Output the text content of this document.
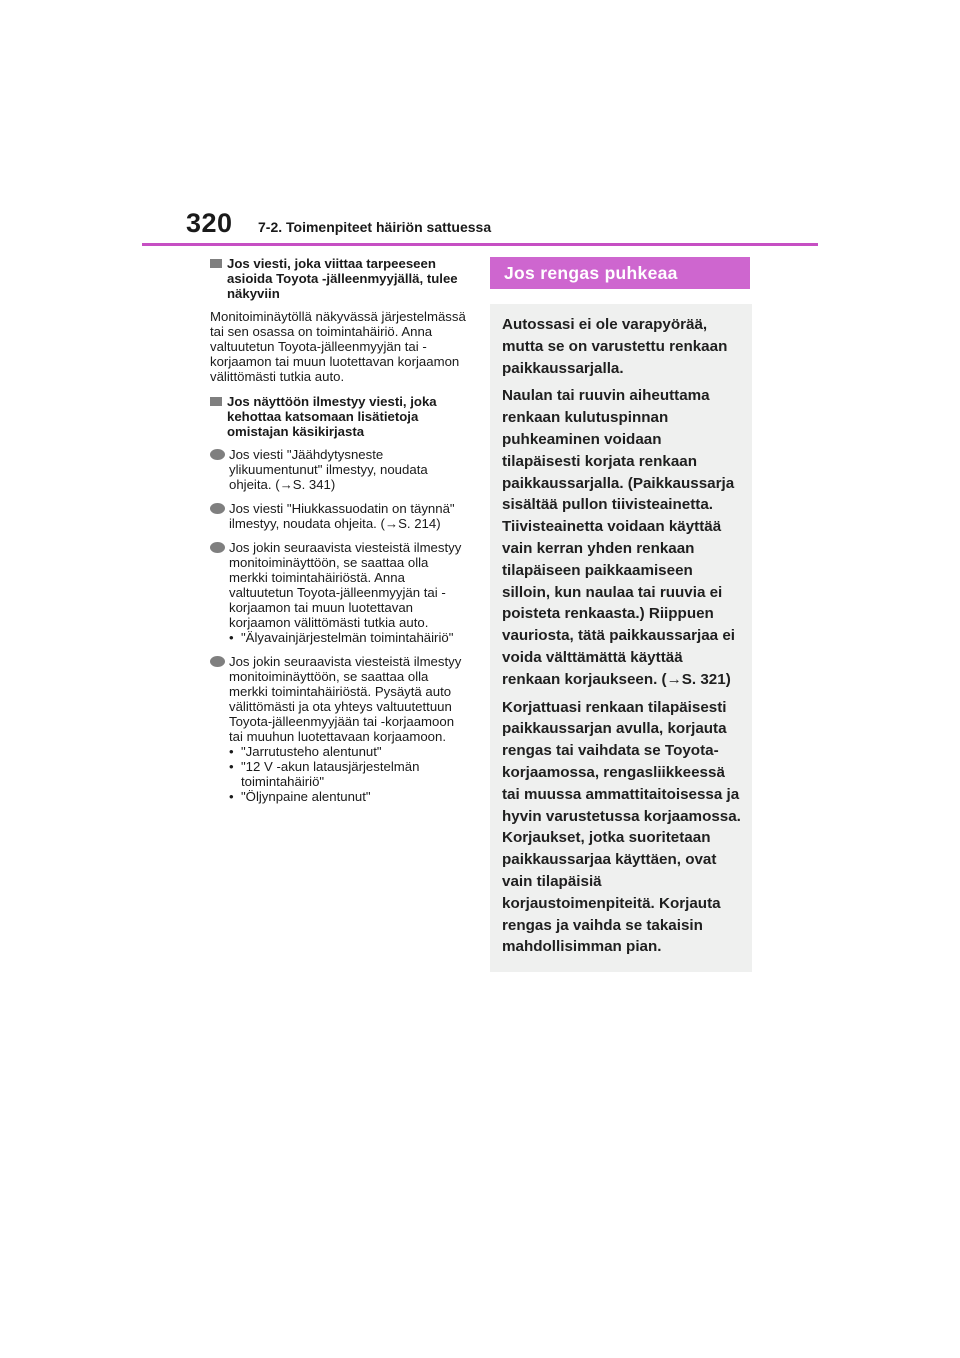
320 7-2. Toimenpiteet häiriön sattuessa
Jos viesti, joka viittaa tarpeeseen asioida Toyota -jälleenmyyjällä, tulee näkyviin
Monitoiminäytöllä näkyvässä järjestelmässä tai sen osassa on toimintahäiriö. Anna valtuutetun Toyota-jälleenmyyjän tai -korjaamon tai muun luotettavan korjaamon välittömästi tutkia auto.
Jos näyttöön ilmestyy viesti, joka kehottaa katsomaan lisätietoja omistajan käsikirjasta
Jos viesti "Jäähdytysneste ylikuumentunut" ilmestyy, noudata ohjeita. (→S. 341)
Jos viesti "Hiukkassuodatin on täynnä" ilmestyy, noudata ohjeita. (→S. 214)
Jos jokin seuraavista viesteistä ilmestyy monitoiminäyttöön, se saattaa olla merkki toimintahäiriöstä. Anna valtuutetun Toyota-jälleenmyyjän tai -korjaamon tai muun luotettavan korjaamon välittömästi tutkia auto.
• "Älyavainjärjestelmän toimintahäiriö"
Jos jokin seuraavista viesteistä ilmestyy monitoiminäyttöön, se saattaa olla merkki toimintahäiriöstä. Pysäytä auto välittömästi ja ota yhteys valtuutettuun Toyota-jälleenmyyjään tai -korjaamoon tai muuhun luotettavaan korjaamoon.
• "Jarrutusteho alentunut"
• "12 V -akun latausjärjestelmän toimintahäiriö"
• "Öljynpaine alentunut"
Jos rengas puhkeaa

Autossasi ei ole varapyörää, mutta se on varustettu renkaan paikkaussarjalla.

Naulan tai ruuvin aiheuttama renkaan kulutuspinnan puhkeaminen voidaan tilapäisesti korjata renkaan paikkaussarjalla. (Paikkaussarja sisältää pullon tiivisteainetta. Tiivisteainetta voidaan käyttää vain kerran yhden renkaan tilapäiseen paikkaamiseen silloin, kun naulaa tai ruuvia ei poisteta renkaasta.) Riippuen vauriosta, tätä paikkaussarjaa ei voida välttämättä käyttää renkaan korjaukseen. (→S. 321)

Korjattuasi renkaan tilapäisesti paikkaussarjan avulla, korjauta rengas tai vaihdata se Toyota-korjaamossa, rengasliikkeessä tai muussa ammattitaitoisessa ja hyvin varustetussa korjaamossa. Korjaukset, jotka suoritetaan paikkaussarjaa käyttäen, ovat vain tilapäisiä korjaustoimenpiteitä. Korjauta rengas ja vaihda se takaisin mahdollisimman pian.
